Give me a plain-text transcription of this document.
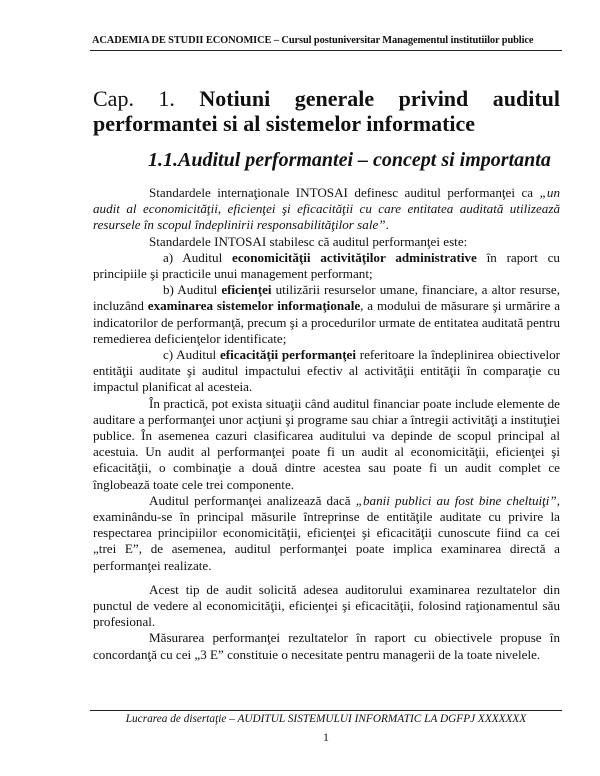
ACADEMIA DE STUDII ECONOMICE – Cursul postuniversitar Managementul institutiilor publice
Cap. 1. Notiuni generale privind auditul performantei si al sistemelor informatice
1.1.Auditul performantei – concept si importanta

Standardele internaţionale INTOSAI definesc auditul performanţei ca „un audit al economicităţii, eficienţei şi eficacităţii cu care entitatea auditată utilizează resursele în scopul îndeplinirii responsabilităţilor sale”.

Standardele INTOSAI stabilesc că auditul performanţei este:

a) Auditul economicităţii activităţilor administrative în raport cu principiile şi practicile unui management performant;

b) Auditul eficienţei utilizării resurselor umane, financiare, a altor resurse, incluzând examinarea sistemelor informaţionale, a modului de măsurare şi urmărire a indicatorilor de performanţă, precum şi a procedurilor urmate de entitatea auditată pentru remedierea deficienţelor identificate;

c) Auditul eficacităţii performanţei referitoare la îndeplinirea obiectivelor entităţii auditate şi auditul impactului efectiv al activităţii entităţii în comparaţie cu impactul planificat al acesteia.

În practică, pot exista situaţii când auditul financiar poate include elemente de auditare a performanţei unor acţiuni şi programe sau chiar a întregii activităţi a instituţiei publice. În asemenea cazuri clasificarea auditului va depinde de scopul principal al acestuia. Un audit al performanţei poate fi un audit al economicităţii, eficienţei şi eficacităţii, o combinaţie a două dintre acestea sau poate fi un audit complet ce înglobează toate cele trei componente.

Auditul performanţei analizează dacă „banii publici au fost bine cheltuiţi”, examinându-se în principal măsurile întreprinse de entităţile auditate cu privire la respectarea principiilor economicităţii, eficienţei şi eficacităţii cunoscute fiind ca cei „trei E”, de asemenea, auditul performanţei poate implica examinarea directă a performanţei realizate.

Acest tip de audit solicită adesea auditorului examinarea rezultatelor din punctul de vedere al economicităţii, eficienţei şi eficacităţii, folosind raţionamentul său profesional.

Măsurarea performanţei rezultatelor în raport cu obiectivele propuse în concordanţă cu cei „3 E” constituie o necesitate pentru managerii de la toate nivelele.

Lucrarea de disertaţie – AUDITUL SISTEMULUI INFORMATIC LA DGFPJ XXXXXXX
1
